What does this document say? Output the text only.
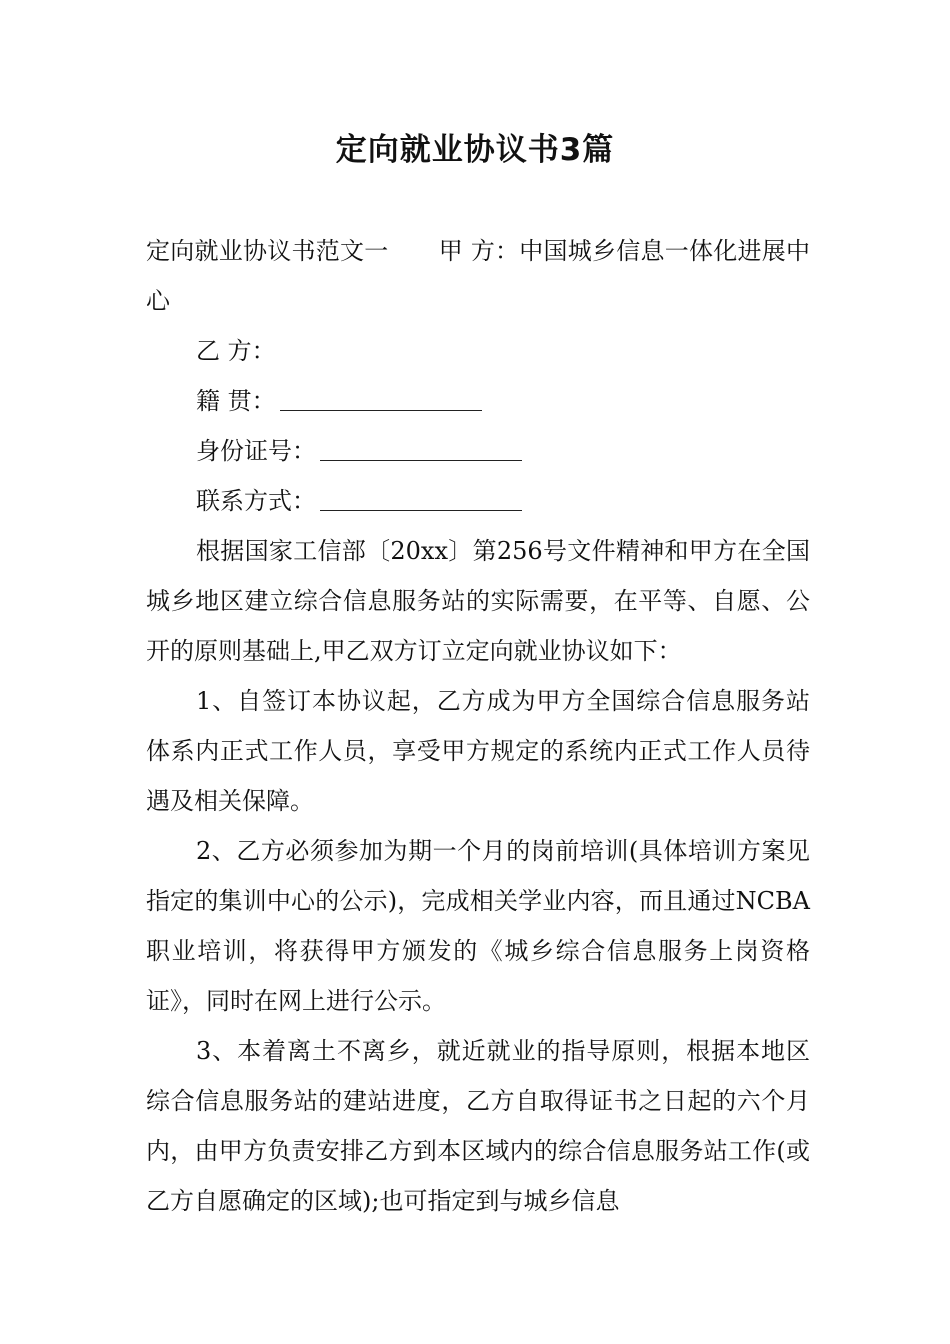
定向就业协议书3篇

定向就业协议书范文一 甲 方：中国城乡信息一体化进展中心

乙 方：

籍 贯：

身份证号：

联系方式：

根据国家工信部〔20xx〕第256号文件精神和甲方在全国城乡地区建立综合信息服务站的实际需要，在平等、自愿、公开的原则基础上,甲乙双方订立定向就业协议如下：

1、自签订本协议起，乙方成为甲方全国综合信息服务站体系内正式工作人员，享受甲方规定的系统内正式工作人员待遇及相关保障。

2、乙方必须参加为期一个月的岗前培训(具体培训方案见指定的集训中心的公示)，完成相关学业内容，而且通过NCBA职业培训，将获得甲方颁发的《城乡综合信息服务上岗资格证》，同时在网上进行公示。

3、本着离土不离乡，就近就业的指导原则，根据本地区综合信息服务站的建站进度，乙方自取得证书之日起的六个月内，由甲方负责安排乙方到本区域内的综合信息服务站工作(或乙方自愿确定的区域);也可指定到与城乡信息
